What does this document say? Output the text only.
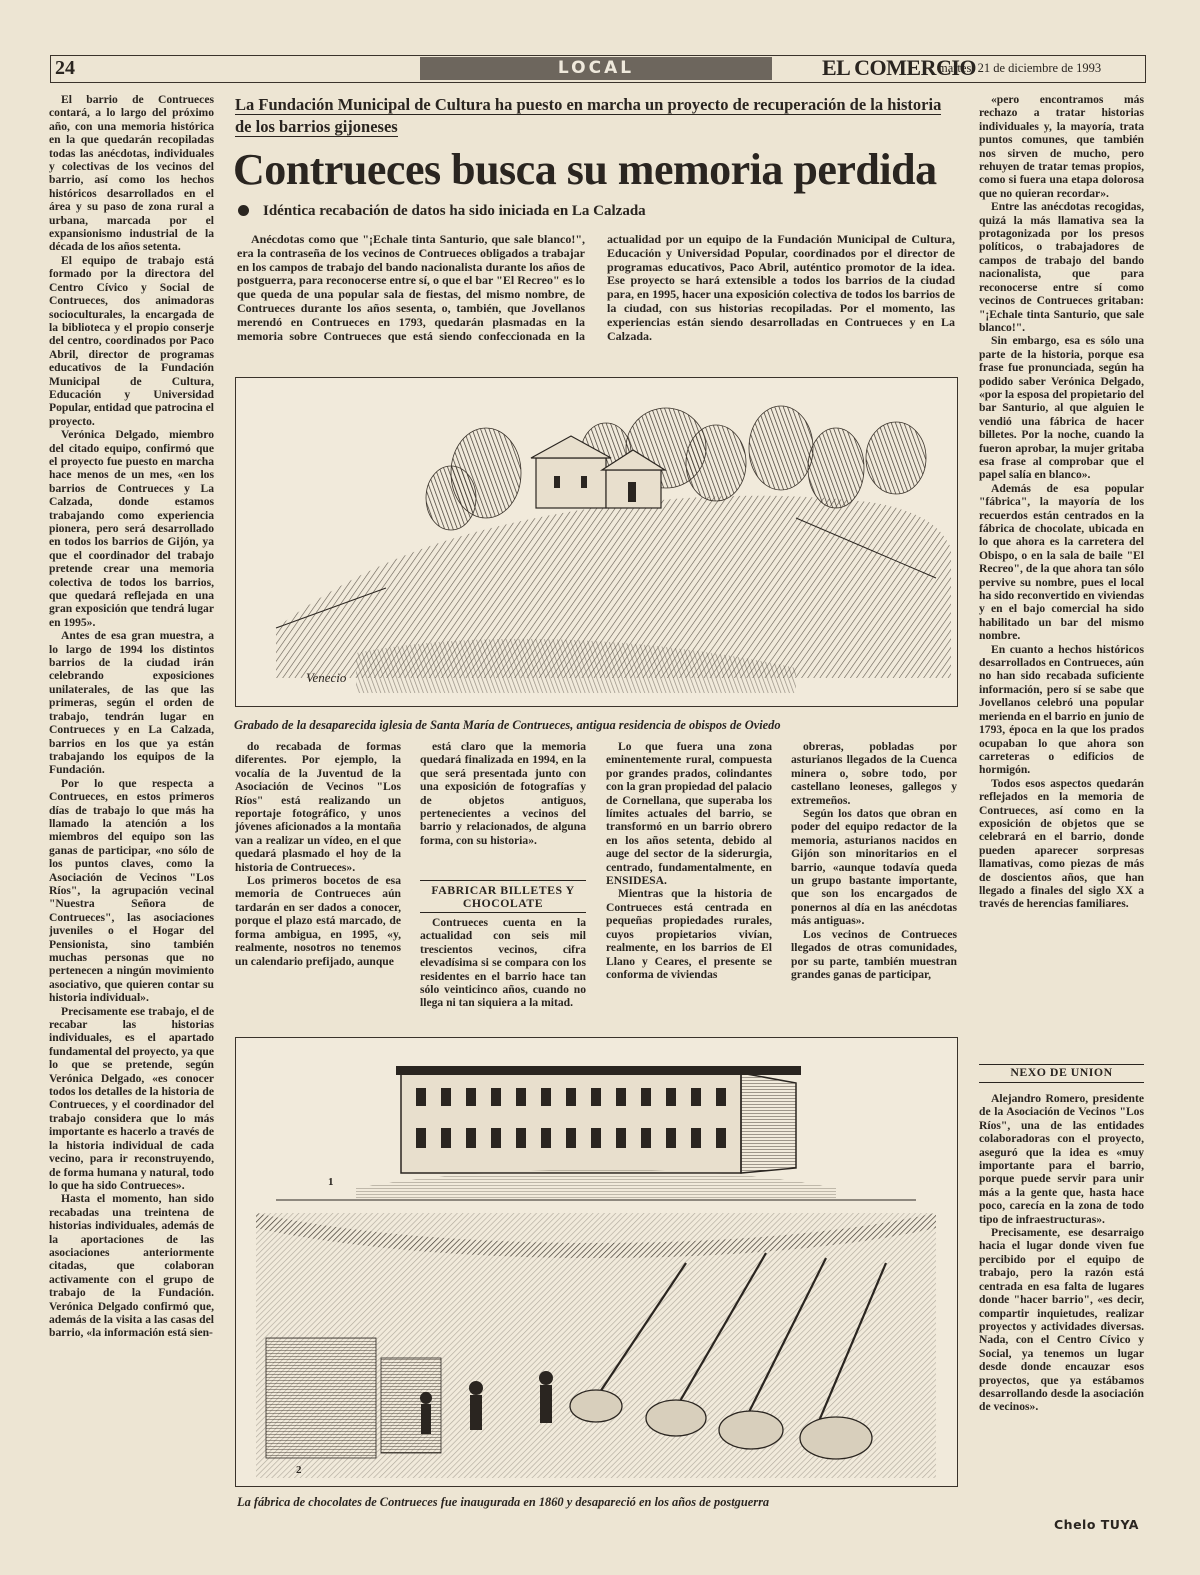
24	LOCAL	EL COMERCIO
martes, 21 de diciembre de 1993

El barrio de Contrueces contará, a lo largo del próximo año, con una memoria histórica en la que quedarán recopiladas todas las anécdotas, individuales y colectivas de los vecinos del barrio, así como los hechos históricos desarrollados en el área y su paso de zona rural a urbana, marcada por el expansionismo industrial de la década de los años setenta.

El equipo de trabajo está formado por la directora del Centro Cívico y Social de Contrueces, dos animadoras socioculturales, la encargada de la biblioteca y el propio conserje del centro, coordinados por Paco Abril, director de programas educativos de la Fundación Municipal de Cultura, Educación y Universidad Popular, entidad que patrocina el proyecto.

Verónica Delgado, miembro del citado equipo, confirmó que el proyecto fue puesto en marcha hace menos de un mes, «en los barrios de Contrueces y La Calzada, donde estamos trabajando como experiencia pionera, pero será desarrollado en todos los barrios de Gijón, ya que el coordinador del trabajo pretende crear una memoria colectiva de todos los barrios, que quedará reflejada en una gran exposición que tendrá lugar en 1995».

Antes de esa gran muestra, a lo largo de 1994 los distintos barrios de la ciudad irán celebrando exposiciones unilaterales, de las que las primeras, según el orden de trabajo, tendrán lugar en Contrueces y en La Calzada, barrios en los que ya están trabajando los equipos de la Fundación.

Por lo que respecta a Contrueces, en estos primeros días de trabajo lo que más ha llamado la atención a los miembros del equipo son las ganas de participar, «no sólo de los puntos claves, como la Asociación de Vecinos "Los Ríos", la agrupación vecinal "Nuestra Señora de Contrueces", las asociaciones juveniles o el Hogar del Pensionista, sino también muchas personas que no pertenecen a ningún movimiento asociativo, que quieren contar su historia individual».

Precisamente ese trabajo, el de recabar las historias individuales, es el apartado fundamental del proyecto, ya que lo que se pretende, según Verónica Delgado, «es conocer todos los detalles de la historia de Contrueces, y el coordinador del trabajo considera que lo más importante es hacerlo a través de la historia individual de cada vecino, para ir reconstruyendo, de forma humana y natural, todo lo que ha sido Contrueces».

Hasta el momento, han sido recabadas una treintena de historias individuales, además de la aportaciones de las asociaciones anteriormente citadas, que colaboran activamente con el grupo de trabajo de la Fundación. Verónica Delgado confirmó que, además de la visita a las casas del barrio, «la información está sien-

La Fundación Municipal de Cultura ha puesto en marcha un proyecto de recuperación de la historia de los barrios gijoneses
Contrueces busca su memoria perdida
Idéntica recabación de datos ha sido iniciada en La Calzada

Anécdotas como que "¡Echale tinta Santurio, que sale blanco!", era la contraseña de los vecinos de Contrueces obligados a trabajar en los campos de trabajo del bando nacionalista durante los años de postguerra, para reconocerse entre sí, o que el bar "El Recreo" es lo que queda de una popular sala de fiestas, del mismo nombre, de Contrueces durante los años sesenta, o, también, que Jovellanos merendó en Contrueces en 1793, quedarán plasmadas en la memoria sobre Contrueces que está siendo confeccionada en la actualidad por un equipo de la Fundación Municipal de Cultura, Educación y Universidad Popular, coordinados por el director de programas educativos, Paco Abril, auténtico promotor de la idea. Ese proyecto se hará extensible a todos los barrios de la ciudad para, en 1995, hacer una exposición colectiva de todos los barrios de la ciudad, con sus historias recopiladas. Por el momento, las experiencias están siendo desarrolladas en Contrueces y en La Calzada.

Venecio
Grabado de la desaparecida iglesia de Santa María de Contrueces, antigua residencia de obispos de Oviedo

do recabada de formas diferentes. Por ejemplo, la vocalía de la Juventud de la Asociación de Vecinos "Los Ríos" está realizando un reportaje fotográfico, y unos jóvenes aficionados a la montaña van a realizar un vídeo, en el que quedará plasmado el hoy de la historia de Contrueces».

Los primeros bocetos de esa memoria de Contrueces aún tardarán en ser dados a conocer, porque el plazo está marcado, de forma ambigua, en 1995, «y, realmente, nosotros no tenemos un calendario prefijado, aunque

está claro que la memoria quedará finalizada en 1994, en la que será presentada junto con una exposición de fotografías y de objetos antiguos, pertenecientes a vecinos del barrio y relacionados, de alguna forma, con su historia».

FABRICAR BILLETES Y CHOCOLATE

Contrueces cuenta en la actualidad con seis mil trescientos vecinos, cifra elevadísima si se compara con los residentes en el barrio hace tan sólo veinticinco años, cuando no llega ni tan siquiera a la mitad.

Lo que fuera una zona eminentemente rural, compuesta por grandes prados, colindantes con la gran propiedad del palacio de Cornellana, que superaba los límites actuales del barrio, se transformó en un barrio obrero en los años setenta, debido al auge del sector de la siderurgia, centrado, fundamentalmente, en ENSIDESA.

Mientras que la historia de Contrueces está centrada en pequeñas propiedades rurales, cuyos propietarios vivían, realmente, en los barrios de El Llano y Ceares, el presente se conforma de viviendas

obreras, pobladas por asturianos llegados de la Cuenca minera o, sobre todo, por castellano leoneses, gallegos y extremeños.

Según los datos que obran en poder del equipo redactor de la memoria, asturianos nacidos en Gijón son minoritarios en el barrio, «aunque todavía queda un grupo bastante importante, que son los encargados de ponernos al día en las anécdotas más antiguas».

Los vecinos de Contrueces llegados de otras comunidades, por su parte, también muestran grandes ganas de participar,

1
2
La fábrica de chocolates de Contrueces fue inaugurada en 1860 y desapareció en los años de postguerra

«pero encontramos más rechazo a tratar historias individuales y, la mayoría, trata puntos comunes, que también nos sirven de mucho, pero rehuyen de tratar temas propios, como si fuera una etapa dolorosa que no quieran recordar».

Entre las anécdotas recogidas, quizá la más llamativa sea la protagonizada por los presos políticos, o trabajadores de campos de trabajo del bando nacionalista, que para reconocerse entre sí como vecinos de Contrueces gritaban: "¡Echale tinta Santurio, que sale blanco!".

Sin embargo, esa es sólo una parte de la historia, porque esa frase fue pronunciada, según ha podido saber Verónica Delgado, «por la esposa del propietario del bar Santurio, al que alguien le vendió una fábrica de hacer billetes. Por la noche, cuando la fueron aprobar, la mujer gritaba esa frase al comprobar que el papel salía en blanco».

Además de esa popular "fábrica", la mayoría de los recuerdos están centrados en la fábrica de chocolate, ubicada en lo que ahora es la carretera del Obispo, o en la sala de baile "El Recreo", de la que ahora tan sólo pervive su nombre, pues el local ha sido reconvertido en viviendas y en el bajo comercial ha sido habilitado un bar del mismo nombre.

En cuanto a hechos históricos desarrollados en Contrueces, aún no han sido recabada suficiente información, pero sí se sabe que Jovellanos celebró una popular merienda en el barrio en junio de 1793, época en la que los prados ocupaban lo que ahora son carreteras o edificios de hormigón.

Todos esos aspectos quedarán reflejados en la memoria de Contrueces, así como en la exposición de objetos que se celebrará en el barrio, donde pueden aparecer sorpresas llamativas, como piezas de más de doscientos años, que han llegado a finales del siglo XX a través de herencias familiares.

NEXO DE UNION

Alejandro Romero, presidente de la Asociación de Vecinos "Los Ríos", una de las entidades colaboradoras con el proyecto, aseguró que la idea es «muy importante para el barrio, porque puede servir para unir más a la gente que, hasta hace poco, carecía en la zona de todo tipo de infraestructuras».

Precisamente, ese desarraigo hacia el lugar donde viven fue percibido por el equipo de trabajo, pero la razón está centrada en esa falta de lugares donde "hacer barrio", «es decir, compartir inquietudes, realizar proyectos y actividades diversas. Nada, con el Centro Cívico y Social, ya tenemos un lugar desde donde encauzar esos proyectos, que ya estábamos desarrollando desde la asociación de vecinos».

Chelo TUYA
